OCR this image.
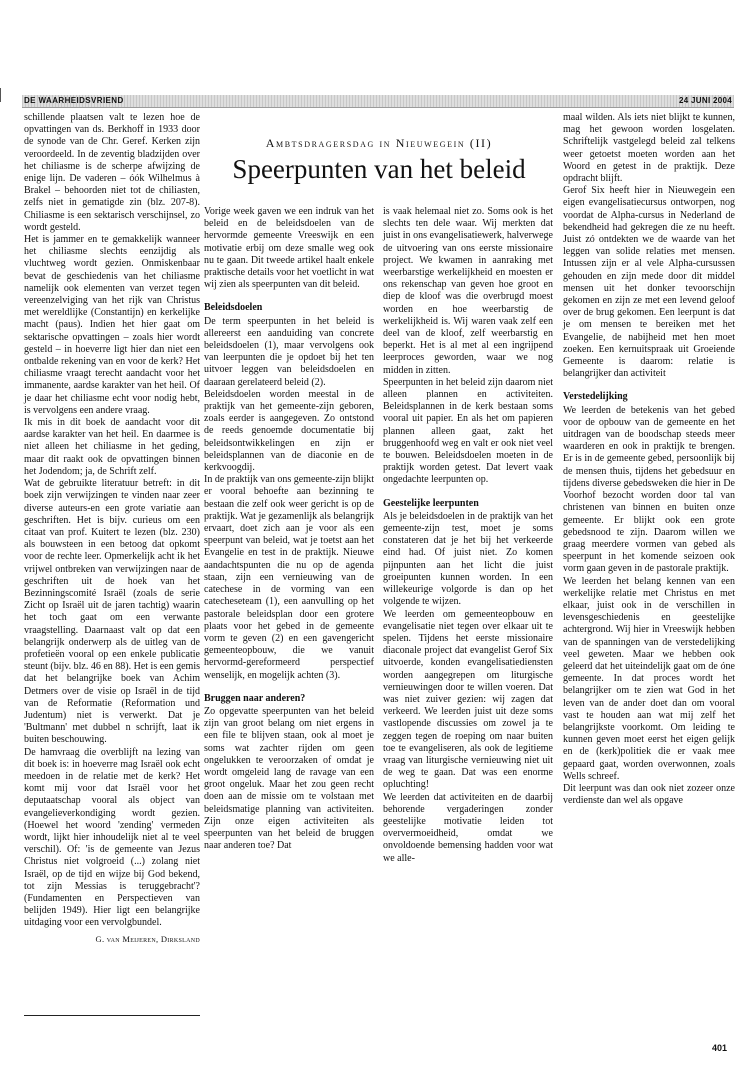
DE WAARHEIDSVRIEND	24 JUNI 2004

schillende plaatsen valt te lezen hoe de opvattingen van ds. Berkhoff in 1933 door de synode van de Chr. Geref. Kerken zijn veroordeeld. In de zeventig bladzijden over het chiliasme is de scherpe afwijzing de enige lijn. De vaderen – óók Wilhelmus à Brakel – behoorden niet tot de chiliasten, zelfs niet in gematigde zin (blz. 207-8). Chiliasme is een sektarisch verschijnsel, zo wordt gesteld.

Het is jammer en te gemakkelijk wanneer het chiliasme slechts eenzijdig als vluchtweg wordt gezien. Onmiskenbaar bevat de geschiedenis van het chiliasme namelijk ook elementen van verzet tegen vereenzelviging van het rijk van Christus met wereldlijke (Constantijn) en kerkelijke macht (paus). Indien het hier gaat om sektarische opvattingen – zoals hier wordt gesteld – in hoeverre ligt hier dan niet een ontbalde rekening van en voor de kerk? Het chiliasme vraagt terecht aandacht voor het immanente, aardse karakter van het heil. Of je daar het chiliasme echt voor nodig hebt, is vervolgens een andere vraag.

Ik mis in dit boek de aandacht voor dit aardse karakter van het heil. En daarmee is niet alleen het chiliasme in het geding, maar dit raakt ook de opvattingen binnen het Jodendom; ja, de Schrift zelf.

Wat de gebruikte literatuur betreft: in dit boek zijn verwijzingen te vinden naar zeer diverse auteurs-en een grote variatie aan geschriften. Het is bijv. curieus om een citaat van prof. Kuitert te lezen (blz. 230) als bouwsteen in een betoog dat opkomt voor de rechte leer. Opmerkelijk acht ik het vrijwel ontbreken van verwijzingen naar de geschriften uit de hoek van het Bezinningscomité Israël (zoals de serie Zicht op Israël uit de jaren tachtig) waarin het toch gaat om een verwante vraagstelling. Daarnaast valt op dat een belangrijk onderwerp als de uitleg van de profetieën vooral op een enkele publicatie steunt (bijv. blz. 46 en 88). Het is een gemis dat het belangrijke boek van Achim Detmers over de visie op Israël in de tijd van de Reformatie (Reformation und Judentum) niet is verwerkt. Dat je 'Bultmann' met dubbel n schrijft, laat ik buiten beschouwing.

De hamvraag die overblijft na lezing van dit boek is: in hoeverre mag Israël ook echt meedoen in de relatie met de kerk? Het komt mij voor dat Israël voor het deputaatschap vooral als object van evangelieverkondiging wordt gezien. (Hoewel het woord 'zending' vermeden wordt, lijkt hier inhoudelijk niet al te veel verschil). Of: 'is de gemeente van Jezus Christus niet volgroeid (...) zolang niet Israël, op de tijd en wijze bij God bekend, tot zijn Messias is teruggebracht'? (Fundamenten en Perspectieven van belijden 1949). Hier ligt een belangrijke uitdaging voor een vervolgbundel.

G. van Meijeren, Dirksland

Ambtsdragersdag in Nieuwegein (II)
Speerpunten van het beleid

Vorige week gaven we een indruk van het beleid en de beleidsdoelen van de hervormde gemeente Vreeswijk en een motivatie erbij om deze smalle weg ook nu te gaan. Dit tweede artikel haalt enkele praktische details voor het voetlicht in wat wij zien als speerpunten van dit beleid.

Beleidsdoelen

De term speerpunten in het beleid is allereerst een aanduiding van concrete beleidsdoelen (1), maar vervolgens ook van leerpunten die je opdoet bij het ten uitvoer leggen van beleidsdoelen en daaraan gerelateerd beleid (2).

Beleidsdoelen worden meestal in de praktijk van het gemeente-zijn geboren, zoals eerder is aangegeven. Zo ontstond de reeds genoemde documentatie bij beleidsontwikkelingen en zijn er beleidsplannen van de diaconie en de kerkvoogdij.

In de praktijk van ons gemeente-zijn blijkt er vooral behoefte aan bezinning te bestaan die zelf ook weer gericht is op de praktijk. Wat je gezamenlijk als belangrijk ervaart, doet zich aan je voor als een speerpunt van beleid, wat je toetst aan het Evangelie en test in de praktijk. Nieuwe aandachtspunten die nu op de agenda staan, zijn een vernieuwing van de catechese in de vorming van een catecheseteam (1), een aanvulling op het pastorale beleidsplan door een grotere plaats voor het gebed in de gemeente vorm te geven (2) en een gavengericht gemeenteopbouw, die we vanuit hervormd-gereformeerd perspectief wenselijk, en mogelijk achten (3).

Bruggen naar anderen?

Zo opgevatte speerpunten van het beleid zijn van groot belang om niet ergens in een file te blijven staan, ook al moet je soms wat zachter rijden om geen ongelukken te veroorzaken of omdat je wordt omgeleid lang de ravage van een groot ongeluk. Maar het zou geen recht doen aan de missie om te volstaan met beleidsmatige planning van activiteiten. Zijn onze eigen activiteiten als speerpunten van het beleid de bruggen naar anderen toe? Dat

is vaak helemaal niet zo. Soms ook is het slechts ten dele waar. Wij merkten dat juist in ons evangelisatiewerk, halverwege de uitvoering van ons eerste missionaire project. We kwamen in aanraking met weerbarstige werkelijkheid en moesten er ons rekenschap van geven hoe groot en diep de kloof was die overbrugd moest worden en hoe weerbarstig de werkelijkheid is. Wij waren vaak zelf een deel van de kloof, zelf weerbarstig en beperkt. Het is al met al een ingrijpend leerproces geworden, waar we nog midden in zitten.

Speerpunten in het beleid zijn daarom niet alleen plannen en activiteiten. Beleidsplannen in de kerk bestaan soms vooral uit papier. En als het om papieren plannen alleen gaat, zakt het bruggenhoofd weg en valt er ook niet veel te bouwen. Beleidsdoelen moeten in de praktijk worden getest. Dat levert vaak ongedachte leerpunten op.

Geestelijke leerpunten

Als je beleidsdoelen in de praktijk van het gemeente-zijn test, moet je soms constateren dat je het bij het verkeerde eind had. Of juist niet. Zo komen pijnpunten aan het licht die juist groeipunten kunnen worden. In een willekeurige volgorde is dan op het volgende te wijzen.

We leerden om gemeenteopbouw en evangelisatie niet tegen over elkaar uit te spelen. Tijdens het eerste missionaire diaconale project dat evangelist Gerof Six uitvoerde, konden evangelisatiediensten worden aangegrepen om liturgische vernieuwingen door te willen voeren. Dat was niet zuiver gezien: wij zagen dat verkeerd. We leerden juist uit deze soms vastlopende discussies om zowel ja te zeggen tegen de roeping om naar buiten toe te evangeliseren, als ook de legitieme vraag van liturgische vernieuwing niet uit de weg te gaan. Dat was een enorme opluchting!

We leerden dat activiteiten en de daarbij behorende vergaderingen zonder geestelijke motivatie leiden tot oververmoeidheid, omdat we onvoldoende bemensing hadden voor wat we alle-

maal wilden. Als iets niet blijkt te kunnen, mag het gewoon worden losgelaten. Schriftelijk vastgelegd beleid zal telkens weer getoetst moeten worden aan het Woord en getest in de praktijk. Deze opdracht blijft.

Gerof Six heeft hier in Nieuwegein een eigen evangelisatiecursus ontworpen, nog voordat de Alpha-cursus in Nederland de bekendheid had gekregen die ze nu heeft. Juist zó ontdekten we de waarde van het leggen van solide relaties met mensen. Intussen zijn er al vele Alpha-cursussen gehouden en zijn mede door dit middel mensen uit het donker tevoorschijn gekomen en zijn ze met een levend geloof over de brug gekomen. Een leerpunt is dat je om mensen te bereiken met het Evangelie, de nabijheid met hen moet zoeken. Een kernuitspraak uit Groeiende Gemeente is daarom: relatie is belangrijker dan activiteit

Verstedelijking

We leerden de betekenis van het gebed voor de opbouw van de gemeente en het uitdragen van de boodschap steeds meer waarderen en ook in praktijk te brengen. Er is in de gemeente gebed, persoonlijk bij de mensen thuis, tijdens het gebedsuur en tijdens diverse gebedsweken die hier in De Voorhof bezocht worden door tal van christenen van binnen en buiten onze gemeente. Er blijkt ook een grote gebedsnood te zijn. Daarom willen we graag meerdere vormen van gebed als speerpunt in het komende seizoen ook vorm gaan geven in de pastorale praktijk.

We leerden het belang kennen van een werkelijke relatie met Christus en met elkaar, juist ook in de verschillen in levensgeschiedenis en geestelijke achtergrond. Wij hier in Vreeswijk hebben van de spanningen van de verstedelijking veel geweten. Maar we hebben ook geleerd dat het uiteindelijk gaat om de óne gemeente. In dat proces wordt het belangrijker om te zien wat God in het leven van de ander doet dan om vooral vast te houden aan wat mij zelf het belangrijkste voorkomt. Om leiding te kunnen geven moet eerst het eigen gelijk en de (kerk)politiek die er vaak mee gepaard gaat, worden overwonnen, zoals Wells schreef.

Dit leerpunt was dan ook niet zozeer onze verdienste dan wel als opgave

401
